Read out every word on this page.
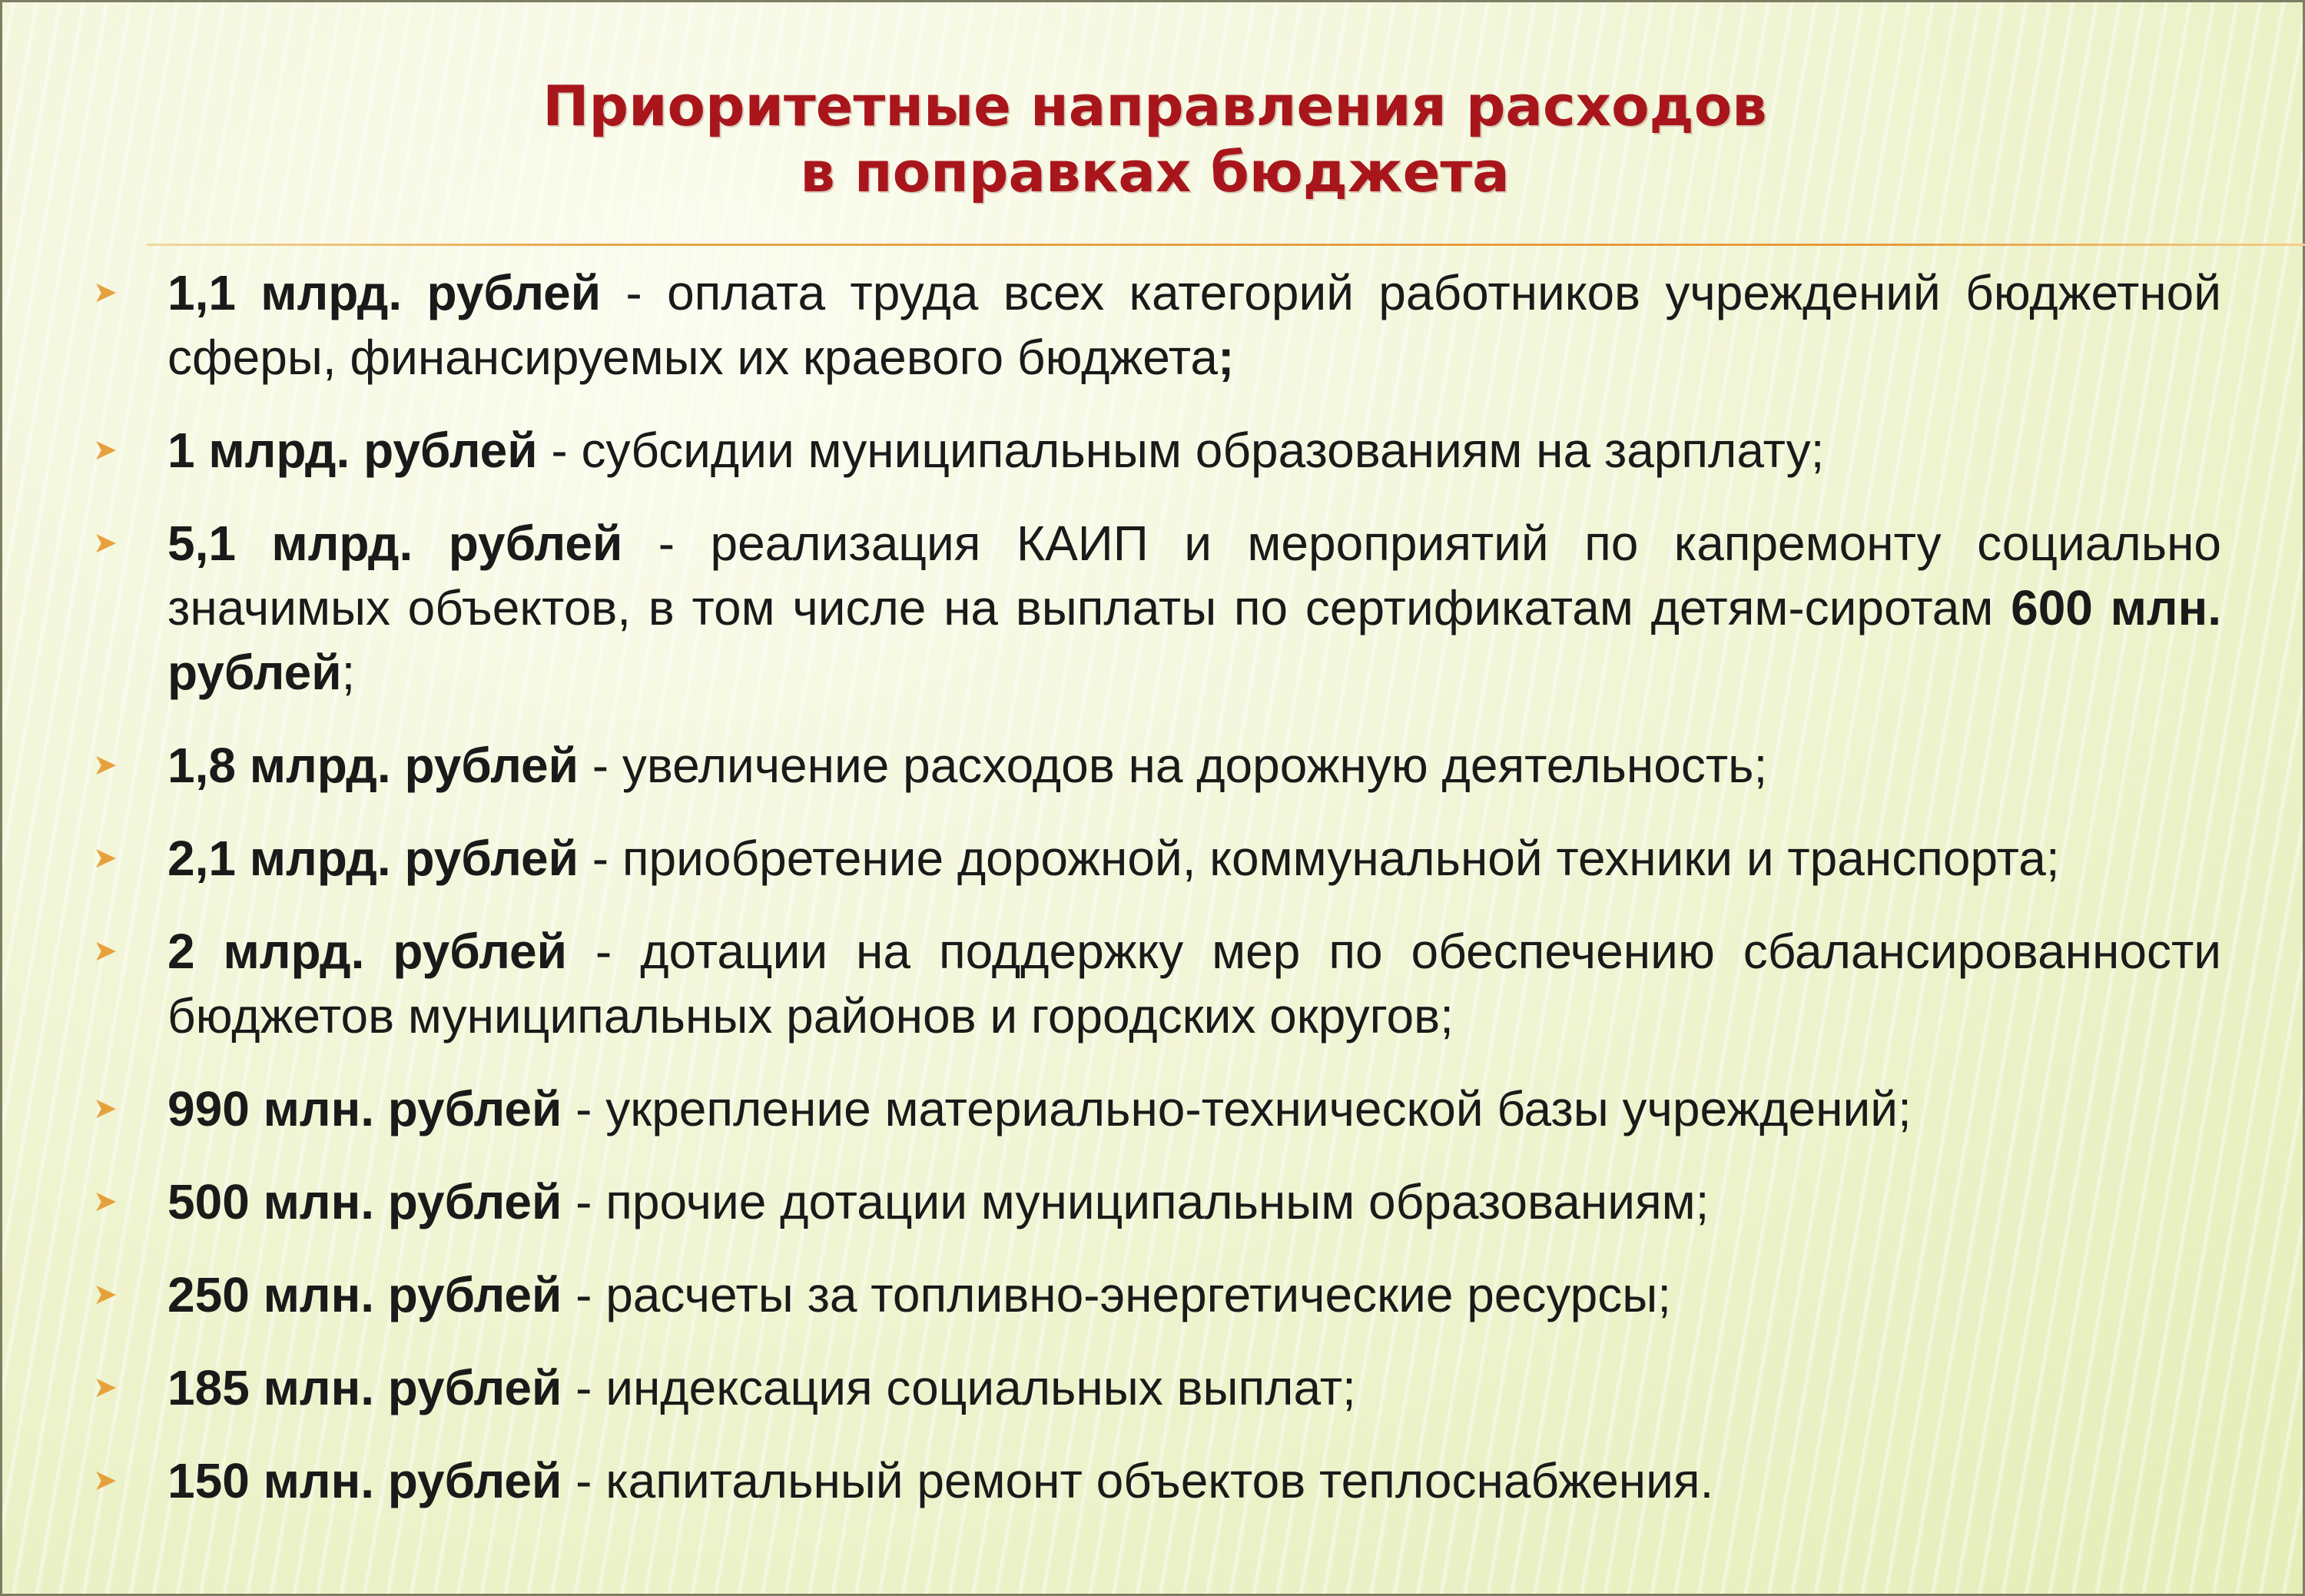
Приоритетные направления расходов
в поправках бюджета
➤ 1,1 млрд. рублей - оплата труда всех категорий работников учреждений бюджетной сферы, финансируемых их краевого бюджета;
➤ 1 млрд. рублей - субсидии муниципальным образованиям на зарплату;
➤ 5,1 млрд. рублей - реализация КАИП и мероприятий по капремонту социально значимых объектов, в том числе на выплаты по сертификатам детям-сиротам 600 млн. рублей;
➤ 1,8 млрд. рублей - увеличение расходов на дорожную деятельность;
➤ 2,1 млрд. рублей - приобретение дорожной, коммунальной техники и транспорта;
➤ 2 млрд. рублей - дотации на поддержку мер по обеспечению сбалансированности бюджетов муниципальных районов и городских округов;
➤ 990 млн. рублей - укрепление материально-технической базы учреждений;
➤ 500 млн. рублей - прочие дотации муниципальным образованиям;
➤ 250 млн. рублей - расчеты за топливно-энергетические ресурсы;
➤ 185 млн. рублей - индексация социальных выплат;
➤ 150 млн. рублей - капитальный ремонт объектов теплоснабжения.
